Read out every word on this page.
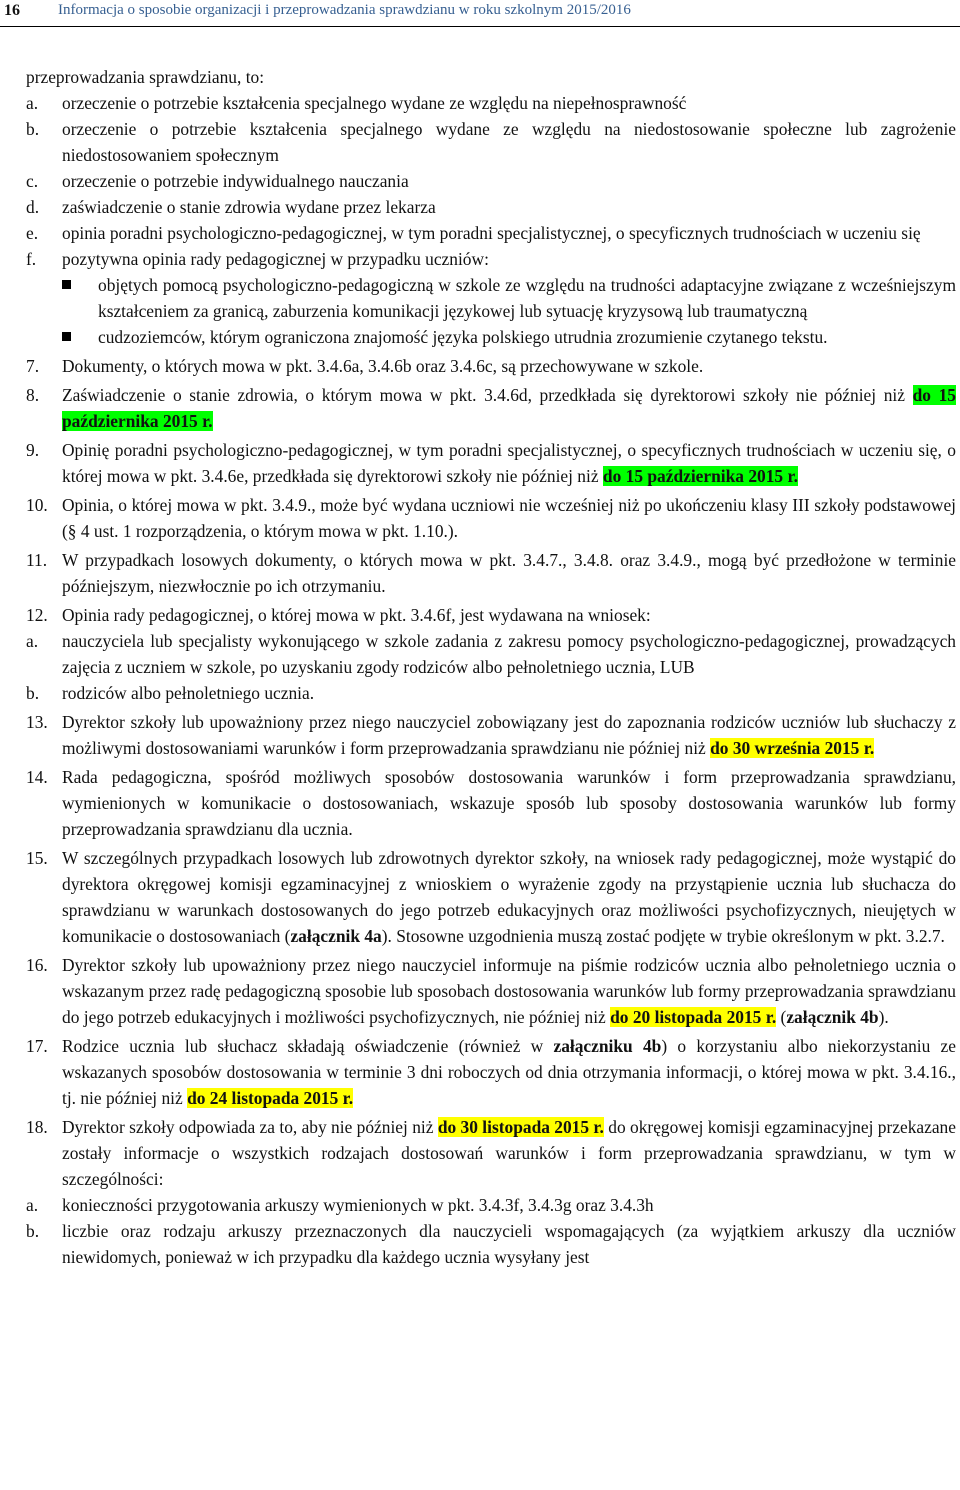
16	Informacja o sposobie organizacji i przeprowadzania sprawdzianu w roku szkolnym 2015/2016

przeprowadzania sprawdzianu, to:

a.	orzeczenie o potrzebie kształcenia specjalnego wydane ze względu na niepełnosprawność
b.	orzeczenie o potrzebie kształcenia specjalnego wydane ze względu na niedostosowanie społeczne lub zagrożenie niedostosowaniem społecznym
c.	orzeczenie o potrzebie indywidualnego nauczania
d.	zaświadczenie o stanie zdrowia wydane przez lekarza
e.	opinia poradni psychologiczno-pedagogicznej, w tym poradni specjalistycznej, o specyficznych trudnościach w uczeniu się
f.	pozytywna opinia rady pedagogicznej w przypadku uczniów:
objętych pomocą psychologiczno-pedagogiczną w szkole ze względu na trudności adaptacyjne związane z wcześniejszym kształceniem za granicą, zaburzenia komunikacji językowej lub sytuację kryzysową lub traumatyczną
cudzoziemców, którym ograniczona znajomość języka polskiego utrudnia zrozumienie czytanego tekstu.
7.	Dokumenty, o których mowa w pkt. 3.4.6a, 3.4.6b oraz 3.4.6c, są przechowywane w szkole.
8.	Zaświadczenie o stanie zdrowia, o którym mowa w pkt. 3.4.6d, przedkłada się dyrektorowi szkoły nie później niż do 15 października 2015 r.
9.	Opinię poradni psychologiczno-pedagogicznej, w tym poradni specjalistycznej, o specyficznych trudnościach w uczeniu się, o której mowa w pkt. 3.4.6e, przedkłada się dyrektorowi szkoły nie później niż do 15 października 2015 r.
10. Opinia, o której mowa w pkt. 3.4.9., może być wydana uczniowi nie wcześniej niż po ukończeniu klasy III szkoły podstawowej (§ 4 ust. 1 rozporządzenia, o którym mowa w pkt. 1.10.).
11. W przypadkach losowych dokumenty, o których mowa w pkt. 3.4.7., 3.4.8. oraz 3.4.9., mogą być przedłożone w terminie późniejszym, niezwłocznie po ich otrzymaniu.
12. Opinia rady pedagogicznej, o której mowa w pkt. 3.4.6f, jest wydawana na wniosek:
a.	nauczyciela lub specjalisty wykonującego w szkole zadania z zakresu pomocy psychologiczno-pedagogicznej, prowadzących zajęcia z uczniem w szkole, po uzyskaniu zgody rodziców albo pełnoletniego ucznia, LUB
b.	rodziców albo pełnoletniego ucznia.
13. Dyrektor szkoły lub upoważniony przez niego nauczyciel zobowiązany jest do zapoznania rodziców uczniów lub słuchaczy z możliwymi dostosowaniami warunków i form przeprowadzania sprawdzianu nie później niż do 30 września 2015 r.
14. Rada pedagogiczna, spośród możliwych sposobów dostosowania warunków i form przeprowadzania sprawdzianu, wymienionych w komunikacie o dostosowaniach, wskazuje sposób lub sposoby dostosowania warunków lub formy przeprowadzania sprawdzianu dla ucznia.
15. W szczególnych przypadkach losowych lub zdrowotnych dyrektor szkoły, na wniosek rady pedagogicznej, może wystąpić do dyrektora okręgowej komisji egzaminacyjnej z wnioskiem o wyrażenie zgody na przystąpienie ucznia lub słuchacza do sprawdzianu w warunkach dostosowanych do jego potrzeb edukacyjnych oraz możliwości psychofizycznych, nieujętych w komunikacie o dostosowaniach (załącznik 4a). Stosowne uzgodnienia muszą zostać podjęte w trybie określonym w pkt. 3.2.7.
16. Dyrektor szkoły lub upoważniony przez niego nauczyciel informuje na piśmie rodziców ucznia albo pełnoletniego ucznia o wskazanym przez radę pedagogiczną sposobie lub sposobach dostosowania warunków lub formy przeprowadzania sprawdzianu do jego potrzeb edukacyjnych i możliwości psychofizycznych, nie później niż do 20 listopada 2015 r. (załącznik 4b).
17. Rodzice ucznia lub słuchacz składają oświadczenie (również w załączniku 4b) o korzystaniu albo niekorzystaniu ze wskazanych sposobów dostosowania w terminie 3 dni roboczych od dnia otrzymania informacji, o której mowa w pkt. 3.4.16., tj. nie później niż do 24 listopada 2015 r.
18. Dyrektor szkoły odpowiada za to, aby nie później niż do 30 listopada 2015 r. do okręgowej komisji egzaminacyjnej przekazane zostały informacje o wszystkich rodzajach dostosowań warunków i form przeprowadzania sprawdzianu, w tym w szczególności:
a.	konieczności przygotowania arkuszy wymienionych w pkt. 3.4.3f, 3.4.3g oraz 3.4.3h
b.	liczbie oraz rodzaju arkuszy przeznaczonych dla nauczycieli wspomagających (za wyjątkiem arkuszy dla uczniów niewidomych, ponieważ w ich przypadku dla każdego ucznia wysyłany jest
